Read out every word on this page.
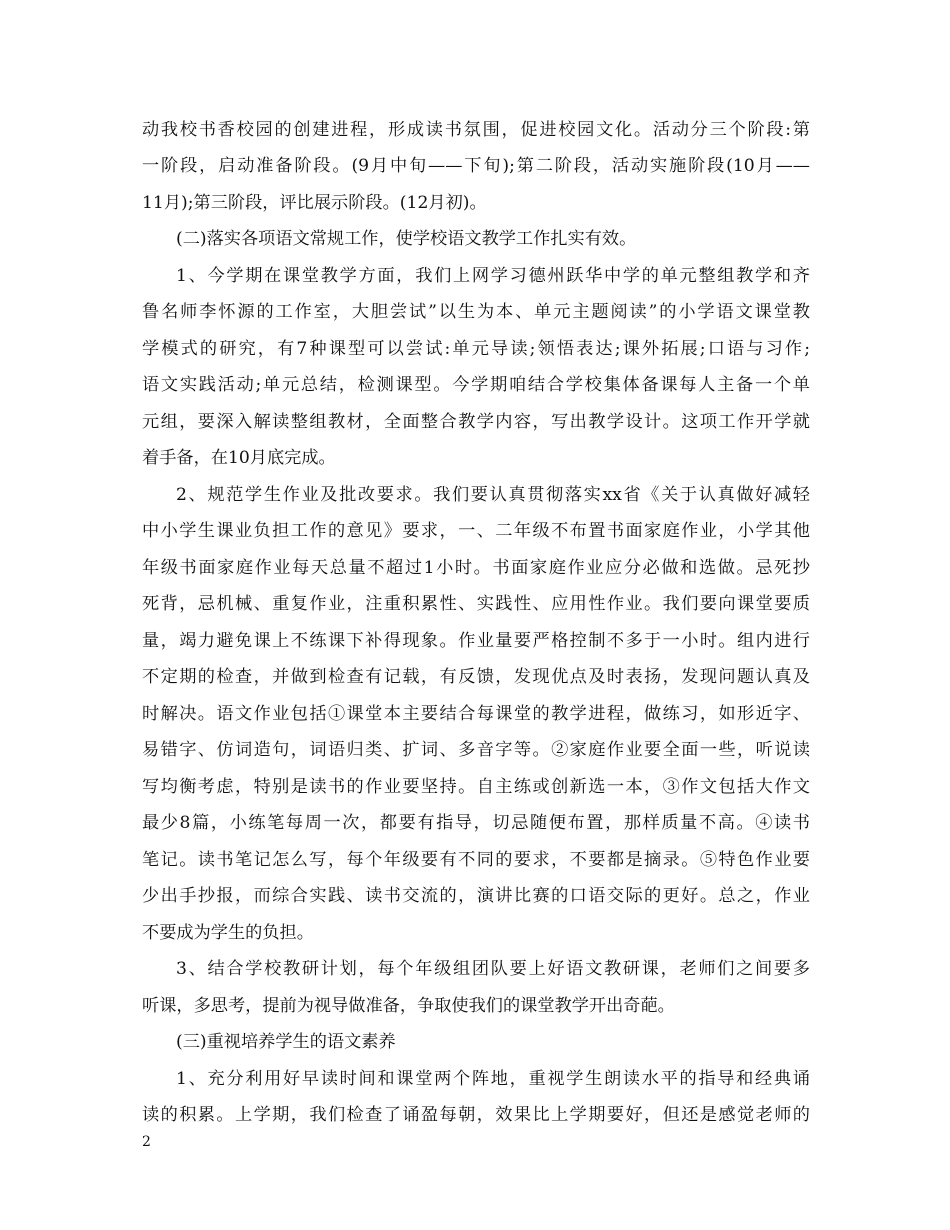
动我校书香校园的创建进程，形成读书氛围，促进校园文化。活动分三个阶段:第
一阶段，启动准备阶段。(9月中旬——下旬);第二阶段，活动实施阶段(10月——
11月);第三阶段，评比展示阶段。(12月初)。
(二)落实各项语文常规工作，使学校语文教学工作扎实有效。
1、今学期在课堂教学方面，我们上网学习德州跃华中学的单元整组教学和齐
鲁名师李怀源的工作室，大胆尝试”以生为本、单元主题阅读”的小学语文课堂教
学模式的研究，有7种课型可以尝试:单元导读;领悟表达;课外拓展;口语与习作;
语文实践活动;单元总结，检测课型。今学期咱结合学校集体备课每人主备一个单
元组，要深入解读整组教材，全面整合教学内容，写出教学设计。这项工作开学就
着手备，在10月底完成。
2、规范学生作业及批改要求。我们要认真贯彻落实xx省《关于认真做好减轻
中小学生课业负担工作的意见》要求，一、二年级不布置书面家庭作业，小学其他
年级书面家庭作业每天总量不超过1小时。书面家庭作业应分必做和选做。忌死抄
死背，忌机械、重复作业，注重积累性、实践性、应用性作业。我们要向课堂要质
量，竭力避免课上不练课下补得现象。作业量要严格控制不多于一小时。组内进行
不定期的检查，并做到检查有记载，有反馈，发现优点及时表扬，发现问题认真及
时解决。语文作业包括①课堂本主要结合每课堂的教学进程，做练习，如形近字、
易错字、仿词造句，词语归类、扩词、多音字等。②家庭作业要全面一些，听说读
写均衡考虑，特别是读书的作业要坚持。自主练或创新选一本，③作文包括大作文
最少8篇，小练笔每周一次，都要有指导，切忌随便布置，那样质量不高。④读书
笔记。读书笔记怎么写，每个年级要有不同的要求，不要都是摘录。⑤特色作业要
少出手抄报，而综合实践、读书交流的，演讲比赛的口语交际的更好。总之，作业
不要成为学生的负担。
3、结合学校教研计划，每个年级组团队要上好语文教研课，老师们之间要多
听课，多思考，提前为视导做准备，争取使我们的课堂教学开出奇葩。
(三)重视培养学生的语文素养
1、充分利用好早读时间和课堂两个阵地，重视学生朗读水平的指导和经典诵
读的积累。上学期，我们检查了诵盈每朝，效果比上学期要好，但还是感觉老师的
2
